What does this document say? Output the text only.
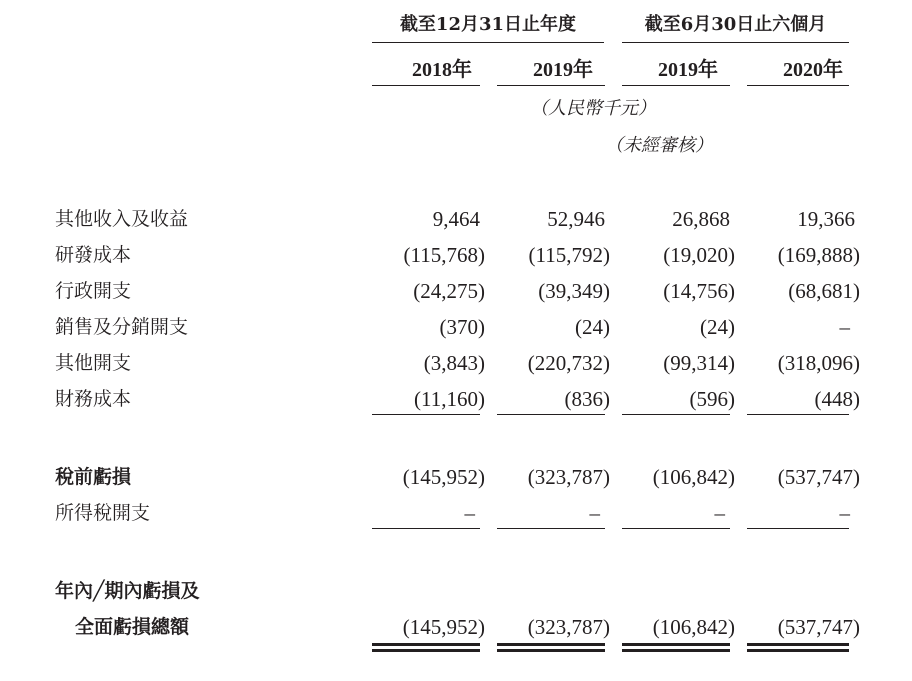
截至12月31日止年度	截至6月30日止六個月
2018年	2019年	2019年	2020年
（人民幣千元）
（未經審核）
其他收入及收益	9,464	52,946	26,868	19,366
研發成本	(115,768)	(115,792)	(19,020)	(169,888)
行政開支	(24,275)	(39,349)	(14,756)	(68,681)
銷售及分銷開支	(370)	(24)	(24)	–
其他開支	(3,843)	(220,732)	(99,314)	(318,096)
財務成本	(11,160)	(836)	(596)	(448)
稅前虧損	(145,952)	(323,787)	(106,842)	(537,747)
所得稅開支	–	–	–	–
年內╱期內虧損及
全面虧損總額	(145,952)	(323,787)	(106,842)	(537,747)
